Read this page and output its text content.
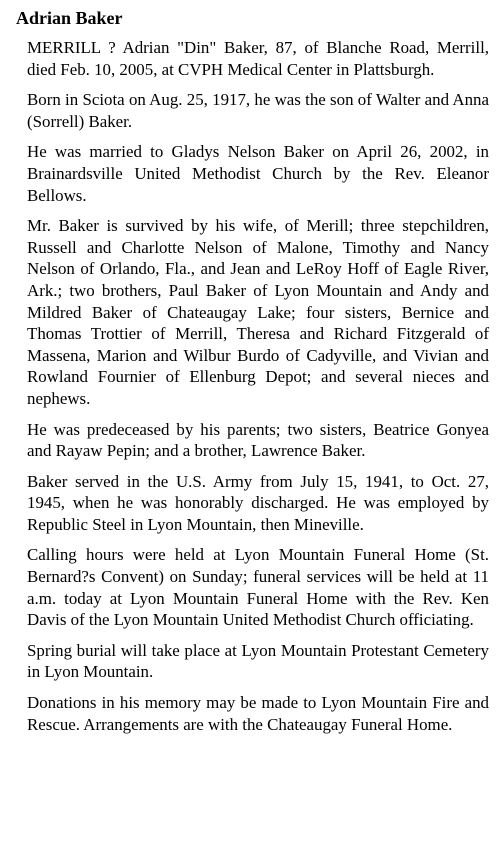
Adrian Baker

MERRILL ? Adrian "Din" Baker, 87, of Blanche Road, Merrill, died Feb. 10, 2005, at CVPH Medical Center in Plattsburgh.

Born in Sciota on Aug. 25, 1917, he was the son of Walter and Anna (Sorrell) Baker.

He was married to Gladys Nelson Baker on April 26, 2002, in Brainardsville United Methodist Church by the Rev. Eleanor Bellows.

Mr. Baker is survived by his wife, of Merill; three stepchildren, Russell and Charlotte Nelson of Malone, Timothy and Nancy Nelson of Orlando, Fla., and Jean and LeRoy Hoff of Eagle River, Ark.; two brothers, Paul Baker of Lyon Mountain and Andy and Mildred Baker of Chateaugay Lake; four sisters, Bernice and Thomas Trottier of Merrill, Theresa and Richard Fitzgerald of Massena, Marion and Wilbur Burdo of Cadyville, and Vivian and Rowland Fournier of Ellenburg Depot; and several nieces and nephews.

He was predeceased by his parents; two sisters, Beatrice Gonyea and Rayaw Pepin; and a brother, Lawrence Baker.

Baker served in the U.S. Army from July 15, 1941, to Oct. 27, 1945, when he was honorably discharged. He was employed by Republic Steel in Lyon Mountain, then Mineville.

Calling hours were held at Lyon Mountain Funeral Home (St. Bernard?s Convent) on Sunday; funeral services will be held at 11 a.m. today at Lyon Mountain Funeral Home with the Rev. Ken Davis of the Lyon Mountain United Methodist Church officiating.

Spring burial will take place at Lyon Mountain Protestant Cemetery in Lyon Mountain.

Donations in his memory may be made to Lyon Mountain Fire and Rescue. Arrangements are with the Chateaugay Funeral Home.
